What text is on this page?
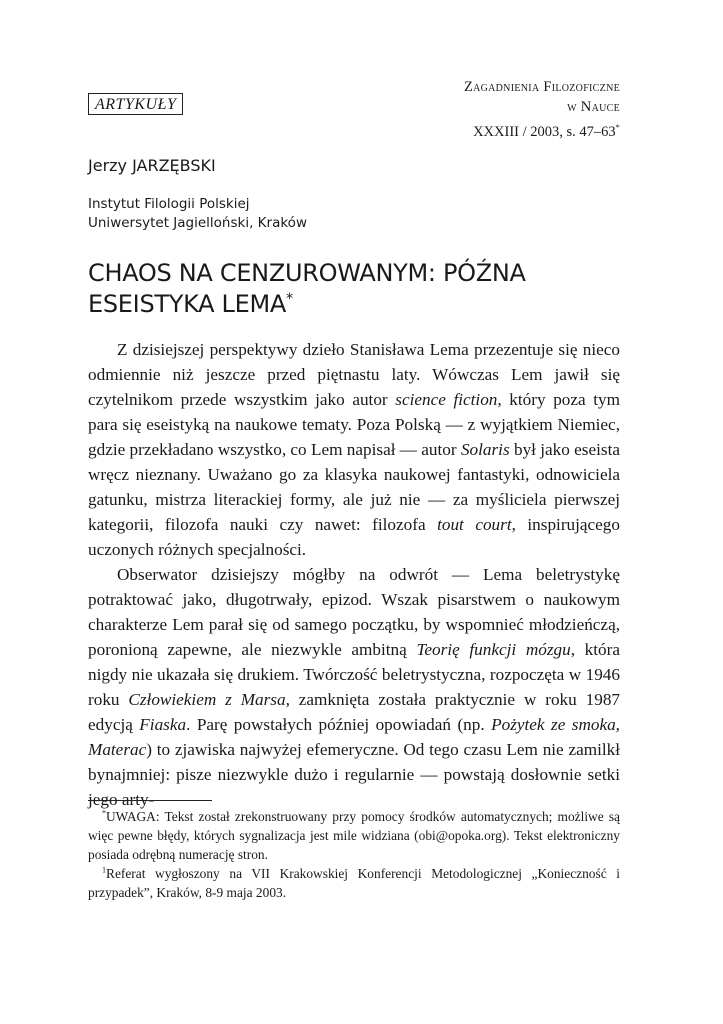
ARTYKUŁY
Zagadnienia Filozoficzne
w Nauce
XXXIII / 2003, s. 47–63*
Jerzy JARZĘBSKI
Instytut Filologii Polskiej
Uniwersytet Jagielloński, Kraków
CHAOS NA CENZUROWANYM: PÓŹNA ESEISTYKA LEMA*

Z dzisiejszej perspektywy dzieło Stanisława Lema przezentuje się nieco odmiennie niż jeszcze przed piętnastu laty. Wówczas Lem jawił się czytelnikom przede wszystkim jako autor science fiction, który poza tym para się eseistyką na naukowe tematy. Poza Polską — z wyjątkiem Niemiec, gdzie przekładano wszystko, co Lem napisał — autor Solaris był jako eseista wręcz nieznany. Uważano go za klasyka naukowej fantastyki, odnowiciela gatunku, mistrza literackiej formy, ale już nie — za myśliciela pierwszej kategorii, filozofa nauki czy nawet: filozofa tout court, inspirującego uczonych różnych specjalności.

Obserwator dzisiejszy mógłby na odwrót — Lema beletrystykę potraktować jako, długotrwały, epizod. Wszak pisarstwem o naukowym charakterze Lem parał się od samego początku, by wspomnieć młodzieńczą, poronioną zapewne, ale niezwykle ambitną Teorię funkcji mózgu, która nigdy nie ukazała się drukiem. Twórczość beletrystyczna, rozpoczęta w 1946 roku Człowiekiem z Marsa, zamknięta została praktycznie w roku 1987 edycją Fiaska. Parę powstałych później opowiadań (np. Pożytek ze smoka, Materac) to zjawiska najwyżej efemeryczne. Od tego czasu Lem nie zamilkł bynajmniej: pisze niezwykle dużo i regularnie — powstają dosłownie setki jego arty-

*UWAGA: Tekst został zrekonstruowany przy pomocy środków automatycznych; możliwe są więc pewne błędy, których sygnalizacja jest mile widziana (obi@opoka.org). Tekst elektroniczny posiada odrębną numerację stron.

$^1$Referat wygłoszony na VII Krakowskiej Konferencji Metodologicznej „Konieczność i przypadek”, Kraków, 8-9 maja 2003.
